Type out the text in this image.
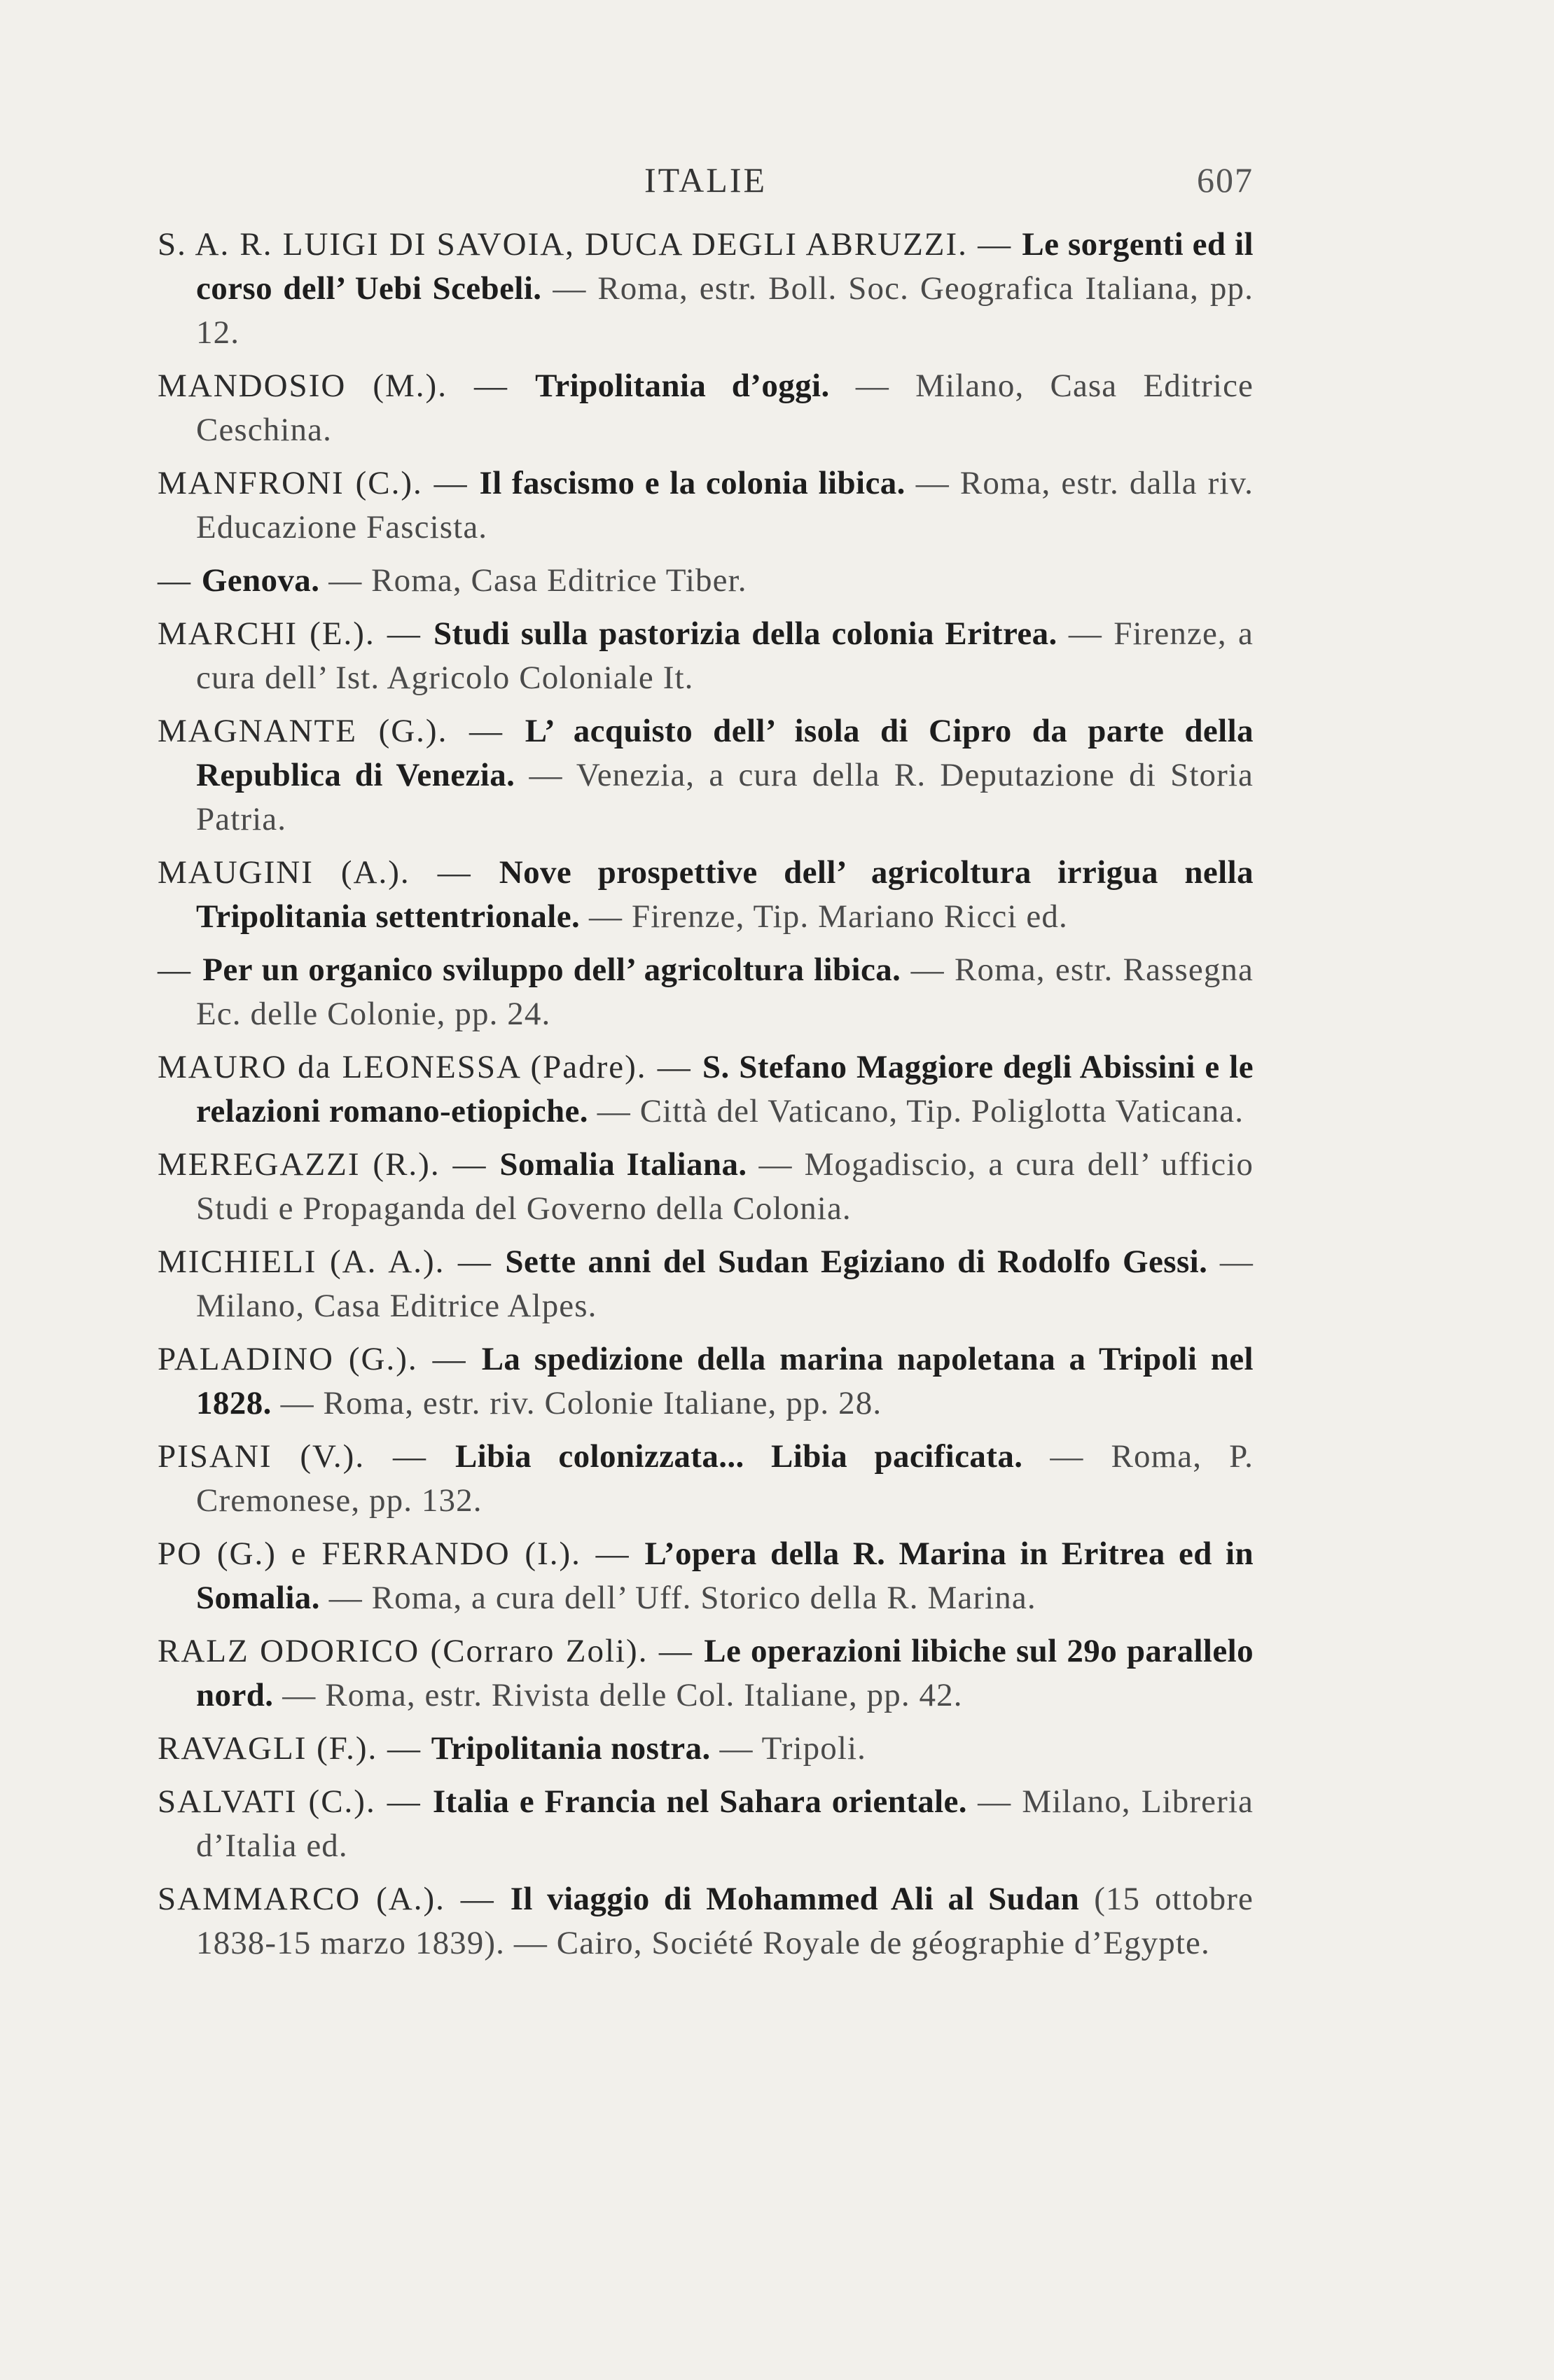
ITALIE	607
S. A. R. LUIGI DI SAVOIA, DUCA DEGLI ABRUZZI. — Le sorgenti ed il corso dell’ Uebi Scebeli. — Roma, estr. Boll. Soc. Geografica Italiana, pp. 12.
MANDOSIO (M.). — Tripolitania d’oggi. — Milano, Casa Editrice Ceschina.
MANFRONI (C.). — Il fascismo e la colonia libica. — Roma, estr. dalla riv. Educazione Fascista.
— Genova. — Roma, Casa Editrice Tiber.
MARCHI (E.). — Studi sulla pastorizia della colonia Eritrea. — Firenze, a cura dell’ Ist. Agricolo Coloniale It.
MAGNANTE (G.). — L’ acquisto dell’ isola di Cipro da parte della Republica di Venezia. — Venezia, a cura della R. Deputazione di Storia Patria.
MAUGINI (A.). — Nove prospettive dell’ agricoltura irrigua nella Tripolitania settentrionale. — Firenze, Tip. Mariano Ricci ed.
— Per un organico sviluppo dell’ agricoltura libica. — Roma, estr. Rassegna Ec. delle Colonie, pp. 24.
MAURO da LEONESSA (Padre). — S. Stefano Maggiore degli Abissini e le relazioni romano-etiopiche. — Città del Vaticano, Tip. Poliglotta Vaticana.
MEREGAZZI (R.). — Somalia Italiana. — Mogadiscio, a cura dell’ ufficio Studi e Propaganda del Governo della Colonia.
MICHIELI (A. A.). — Sette anni del Sudan Egiziano di Rodolfo Gessi. — Milano, Casa Editrice Alpes.
PALADINO (G.). — La spedizione della marina napoletana a Tripoli nel 1828. — Roma, estr. riv. Colonie Italiane, pp. 28.
PISANI (V.). — Libia colonizzata... Libia pacificata. — Roma, P. Cremonese, pp. 132.
PO (G.) e FERRANDO (I.). — L’opera della R. Marina in Eritrea ed in Somalia. — Roma, a cura dell’ Uff. Storico della R. Marina.
RALZ ODORICO (Corraro Zoli). — Le operazioni libiche sul 29o parallelo nord. — Roma, estr. Rivista delle Col. Italiane, pp. 42.
RAVAGLI (F.). — Tripolitania nostra. — Tripoli.
SALVATI (C.). — Italia e Francia nel Sahara orientale. — Milano, Libreria d’Italia ed.
SAMMARCO (A.). — Il viaggio di Mohammed Ali al Sudan (15 ottobre 1838-15 marzo 1839). — Cairo, Société Royale de géographie d’Egypte.
